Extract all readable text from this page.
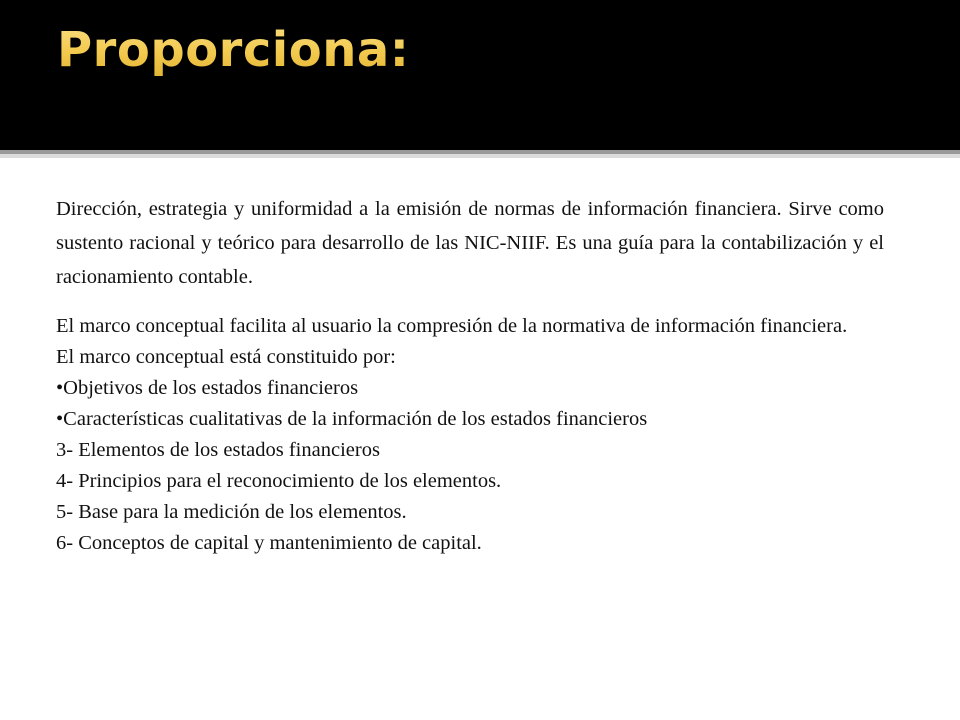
Proporciona:

Dirección, estrategia y uniformidad a la emisión de normas de información financiera. Sirve como sustento racional y teórico para desarrollo de las NIC-NIIF. Es una guía para la contabilización y el racionamiento contable.

El marco conceptual facilita al usuario la compresión de la normativa de información financiera.

El marco conceptual está constituido por:

•Objetivos de los estados financieros

•Características cualitativas de la información de los estados financieros

3- Elementos de los estados financieros

4- Principios para el reconocimiento de los elementos.

5- Base para la medición de los elementos.

6- Conceptos de capital y mantenimiento de capital.
